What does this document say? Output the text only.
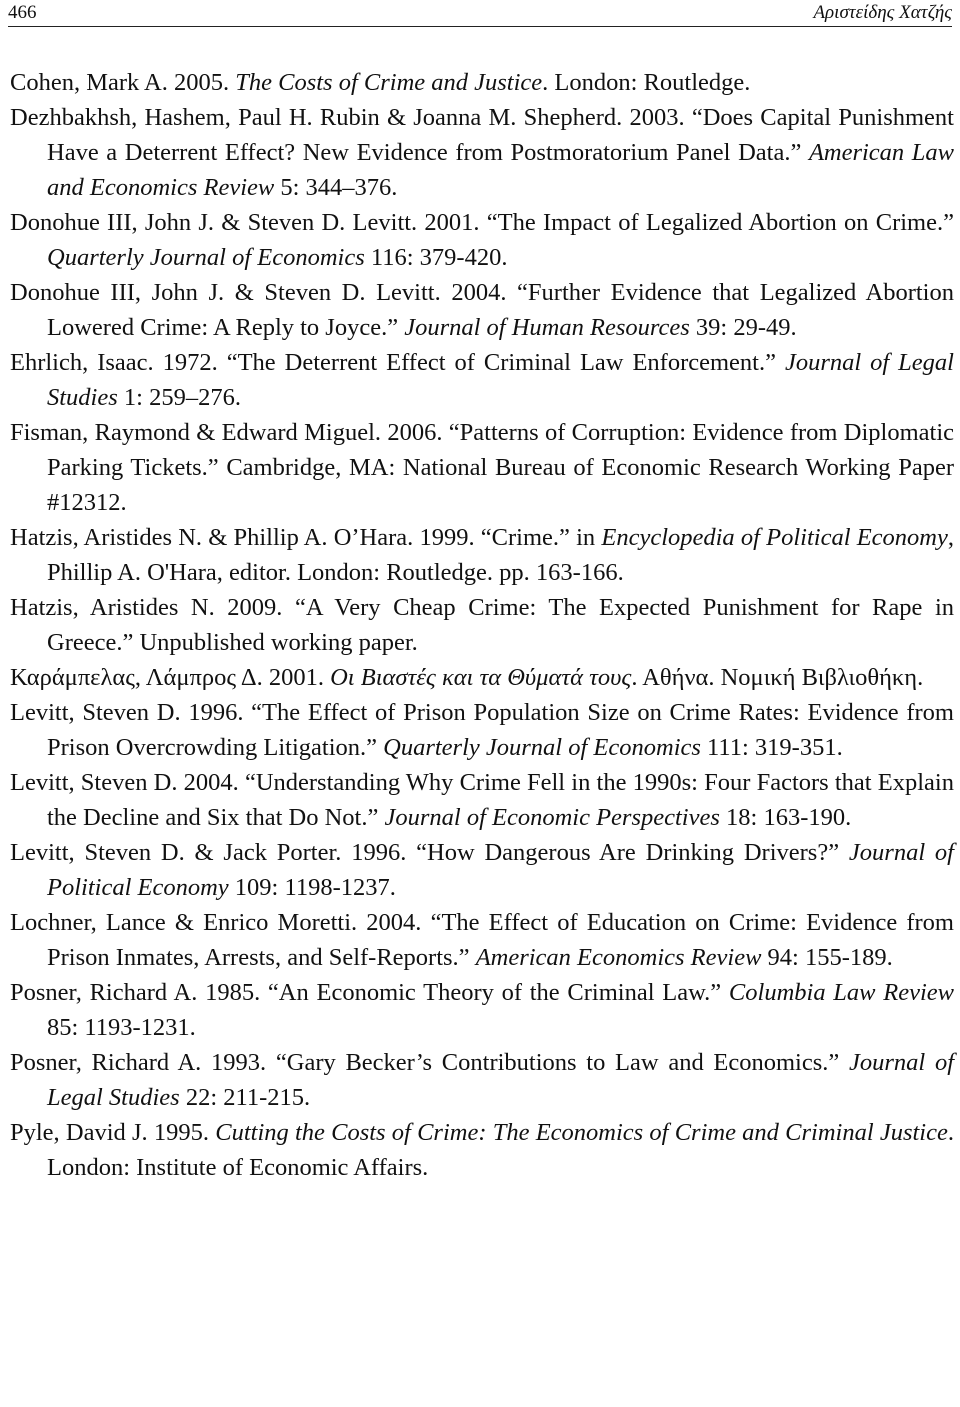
466	Αριστείδης Χατζής

Cohen, Mark A. 2005. The Costs of Crime and Justice. London: Routledge.

Dezhbakhsh, Hashem, Paul H. Rubin & Joanna M. Shepherd. 2003. “Does Capital Punishment Have a Deterrent Effect? New Evidence from Postmoratorium Panel Data.” American Law and Economics Review 5: 344–376.

Donohue III, John J. & Steven D. Levitt. 2001. “The Impact of Legalized Abortion on Crime.” Quarterly Journal of Economics 116: 379-420.

Donohue III, John J. & Steven D. Levitt. 2004. “Further Evidence that Legalized Abortion Lowered Crime: A Reply to Joyce.” Journal of Human Resources 39: 29-49.

Ehrlich, Isaac. 1972. “The Deterrent Effect of Criminal Law Enforcement.” Journal of Legal Studies 1: 259–276.

Fisman, Raymond & Edward Miguel. 2006. “Patterns of Corruption: Evidence from Diplomatic Parking Tickets.” Cambridge, MA: National Bureau of Economic Research Working Paper #12312.

Hatzis, Aristides N. & Phillip A. O’Hara. 1999. “Crime.” in Encyclopedia of Political Economy, Phillip A. O'Hara, editor. London: Routledge. pp. 163-166.

Hatzis, Aristides N. 2009. “A Very Cheap Crime: The Expected Punishment for Rape in Greece.” Unpublished working paper.

Καράμπελας, Λάμπρος Δ. 2001. Οι Βιαστές και τα Θύματά τους. Αθήνα. Νομική Βιβλιοθήκη.

Levitt, Steven D. 1996. “The Effect of Prison Population Size on Crime Rates: Evidence from Prison Overcrowding Litigation.” Quarterly Journal of Economics 111: 319-351.

Levitt, Steven D. 2004. “Understanding Why Crime Fell in the 1990s: Four Factors that Explain the Decline and Six that Do Not.” Journal of Economic Perspectives 18: 163-190.

Levitt, Steven D. & Jack Porter. 1996. “How Dangerous Are Drinking Drivers?” Journal of Political Economy 109: 1198-1237.

Lochner, Lance & Enrico Moretti. 2004. “The Effect of Education on Crime: Evidence from Prison Inmates, Arrests, and Self-Reports.” American Economics Review 94: 155-189.

Posner, Richard A. 1985. “An Economic Theory of the Criminal Law.” Columbia Law Review 85: 1193-1231.

Posner, Richard A. 1993. “Gary Becker’s Contributions to Law and Economics.” Journal of Legal Studies 22: 211-215.

Pyle, David J. 1995. Cutting the Costs of Crime: The Economics of Crime and Criminal Justice. London: Institute of Economic Affairs.
